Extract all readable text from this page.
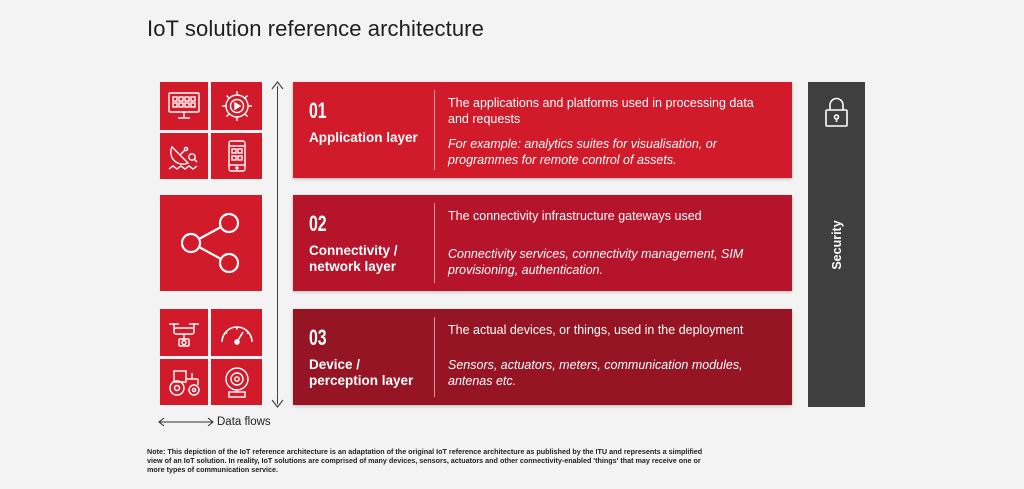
IoT solution reference architecture
Data flows
01
Application layer
The applications and platforms used in processing data and requests
For example: analytics suites for visualisation, or programmes for remote control of assets.
02
Connectivity / network layer
The connectivity infrastructure gateways used
Connectivity services, connectivity management, SIM provisioning, authentication.
03
Device / perception layer
The actual devices, or things, used in the deployment
Sensors, actuators, meters, communication modules, antenas etc.
Security
Note: This depiction of the IoT reference architecture is an adaptation of the original IoT reference architecture as published by the ITU and represents a simplified view of an IoT solution. In reality, IoT solutions are comprised of many devices, sensors, actuators and other connectivity-enabled 'things' that may receive one or more types of communication service.
